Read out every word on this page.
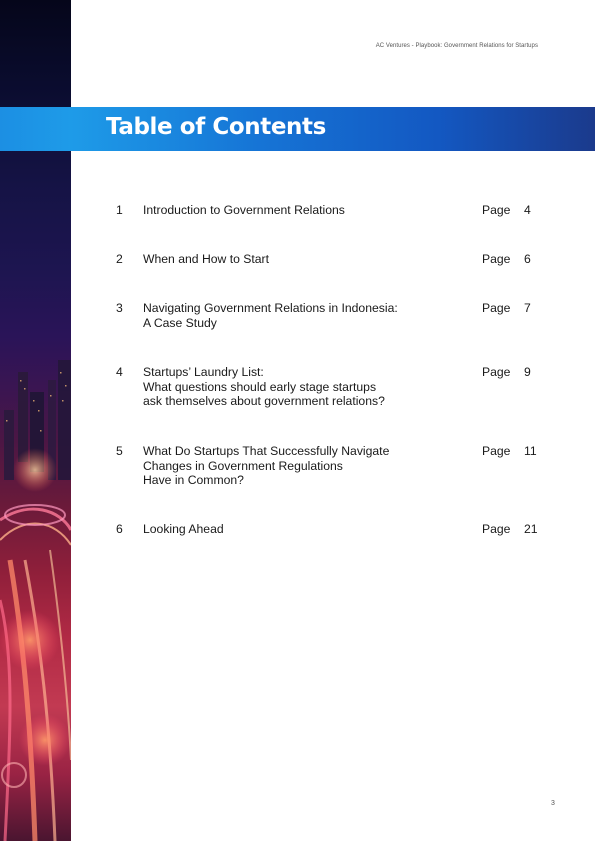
AC Ventures - Playbook: Government Relations for Startups
Table of Contents
1 Introduction to Government Relations	Page 4
2 When and How to Start	Page 6
3 Navigating Government Relations in Indonesia:
A Case Study
Page 7
4 Startups’ Laundry List:
What questions should early stage startups
ask themselves about government relations?
Page 9
5 What Do Startups That Successfully Navigate
Changes in Government Regulations
Have in Common?
Page 11
6 Looking Ahead	Page 21
3
